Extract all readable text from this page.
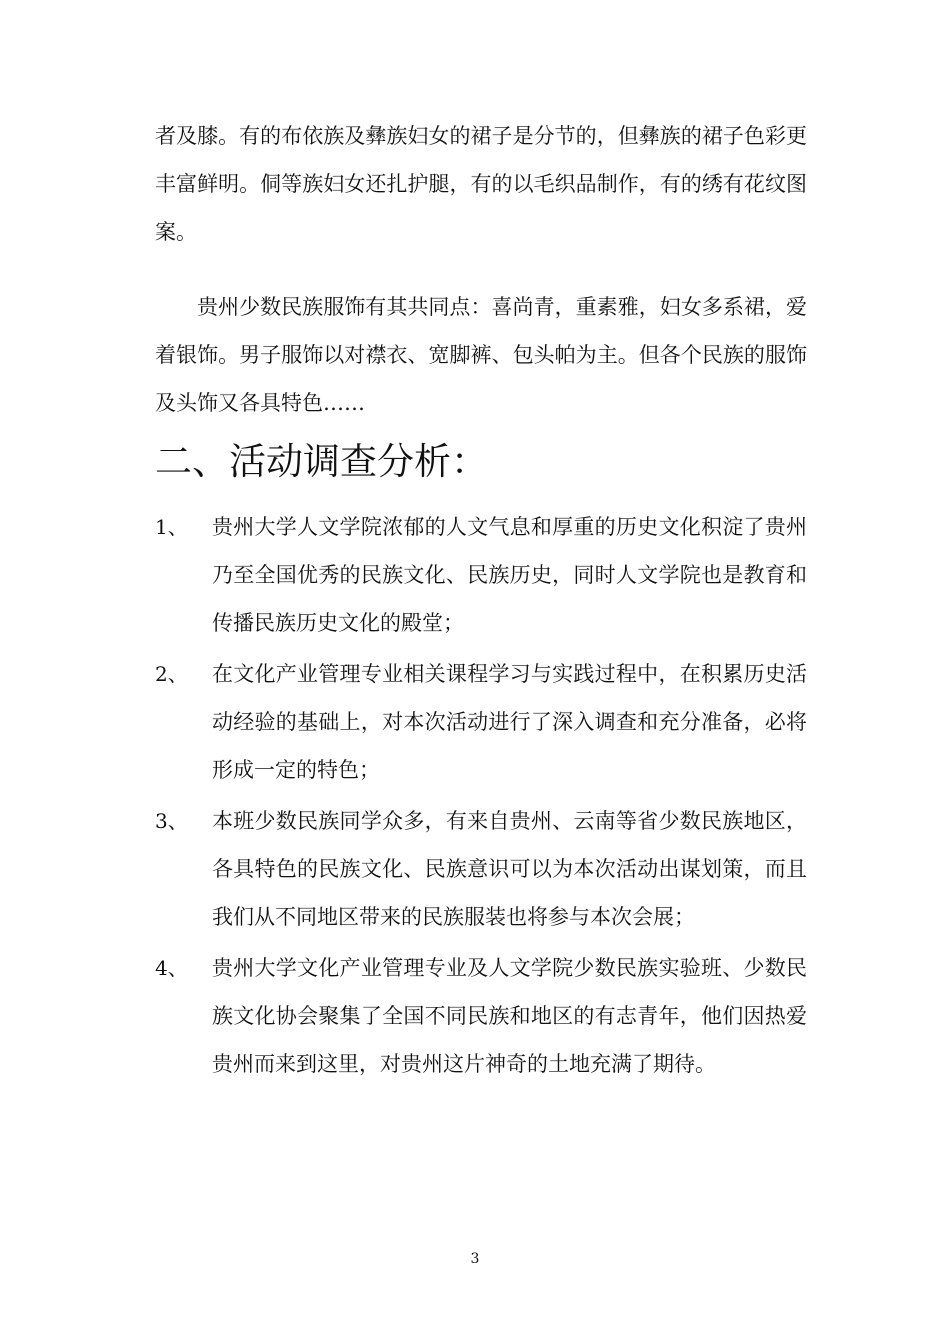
者及膝。有的布依族及彝族妇女的裙子是分节的，但彝族的裙子色彩更丰富鲜明。侗等族妇女还扎护腿，有的以毛织品制作，有的绣有花纹图案。

贵州少数民族服饰有其共同点：喜尚青，重素雅，妇女多系裙，爱着银饰。男子服饰以对襟衣、宽脚裤、包头帕为主。但各个民族的服饰及头饰又各具特色……

二、活动调查分析：
1、	贵州大学人文学院浓郁的人文气息和厚重的历史文化积淀了贵州乃至全国优秀的民族文化、民族历史，同时人文学院也是教育和传播民族历史文化的殿堂；
2、	在文化产业管理专业相关课程学习与实践过程中，在积累历史活动经验的基础上，对本次活动进行了深入调查和充分准备，必将形成一定的特色；
3、	本班少数民族同学众多，有来自贵州、云南等省少数民族地区，各具特色的民族文化、民族意识可以为本次活动出谋划策，而且我们从不同地区带来的民族服装也将参与本次会展；
4、	贵州大学文化产业管理专业及人文学院少数民族实验班、少数民族文化协会聚集了全国不同民族和地区的有志青年，他们因热爱贵州而来到这里，对贵州这片神奇的土地充满了期待。
3
